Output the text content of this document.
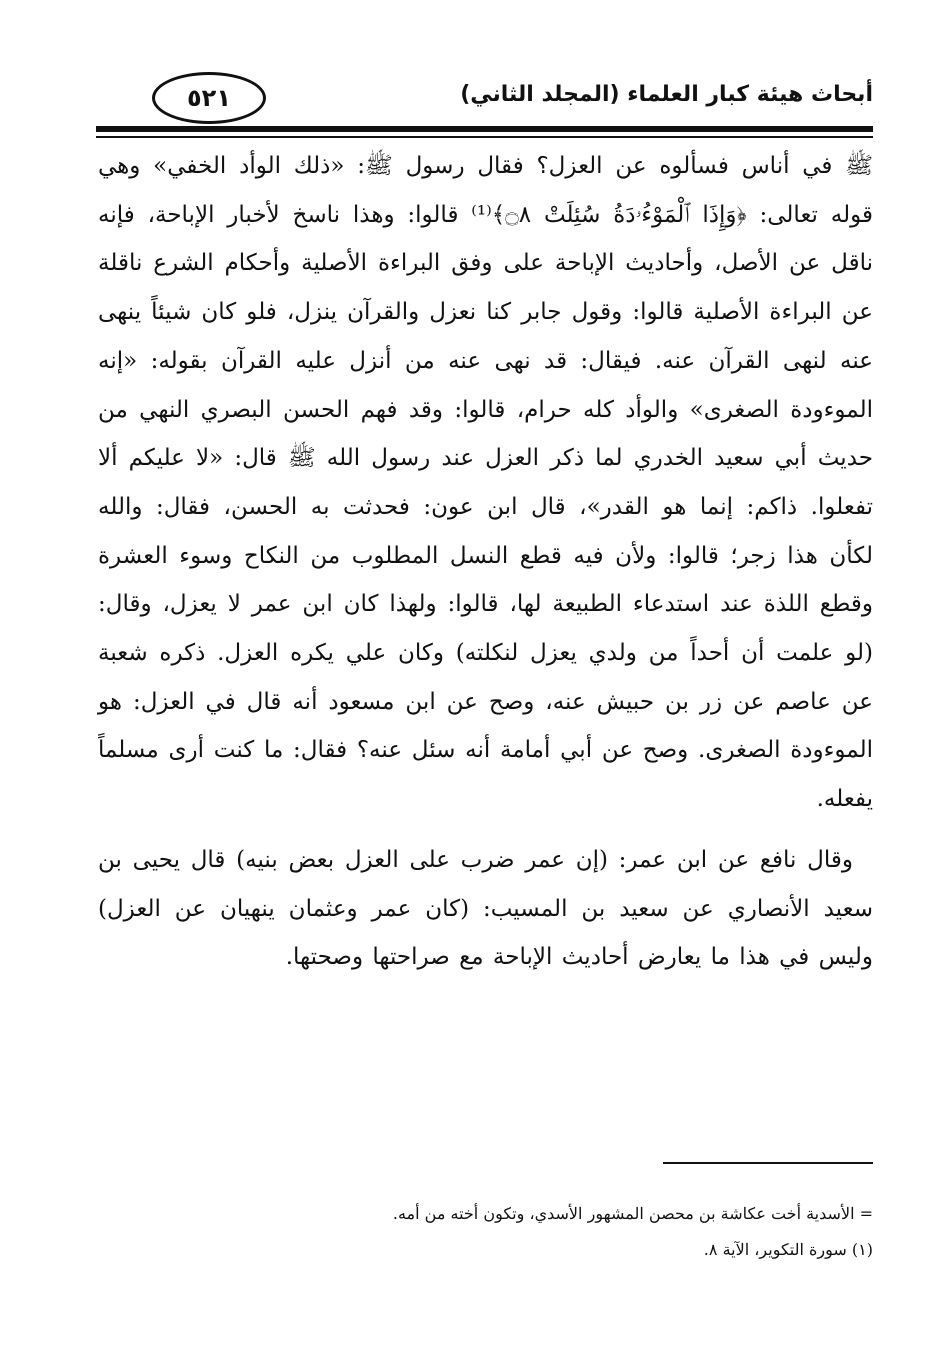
أبحاث هيئة كبار العلماء (المجلد الثاني)
٥٢١

ﷺ في أناس فسألوه عن العزل؟ فقال رسول ﷺ: «ذلك الوأد الخفي» وهي قوله تعالى: ﴿وَإِذَا ٱلْمَوْءُۥدَةُ سُئِلَتْ ۝٨﴾⁽¹⁾ قالوا: وهذا ناسخ لأخبار الإباحة، فإنه ناقل عن الأصل، وأحاديث الإباحة على وفق البراءة الأصلية وأحكام الشرع ناقلة عن البراءة الأصلية قالوا: وقول جابر كنا نعزل والقرآن ينزل، فلو كان شيئاً ينهى عنه لنهى القرآن عنه. فيقال: قد نهى عنه من أنزل عليه القرآن بقوله: «إنه الموءودة الصغرى» والوأد كله حرام، قالوا: وقد فهم الحسن البصري النهي من حديث أبي سعيد الخدري لما ذكر العزل عند رسول الله ﷺ قال: «لا عليكم ألا تفعلوا. ذاكم: إنما هو القدر»، قال ابن عون: فحدثت به الحسن، فقال: والله لكأن هذا زجر؛ قالوا: ولأن فيه قطع النسل المطلوب من النكاح وسوء العشرة وقطع اللذة عند استدعاء الطبيعة لها، قالوا: ولهذا كان ابن عمر لا يعزل، وقال: (لو علمت أن أحداً من ولدي يعزل لنكلته) وكان علي يكره العزل. ذكره شعبة عن عاصم عن زر بن حبيش عنه، وصح عن ابن مسعود أنه قال في العزل: هو الموءودة الصغرى. وصح عن أبي أمامة أنه سئل عنه؟ فقال: ما كنت أرى مسلماً يفعله.

وقال نافع عن ابن عمر: (إن عمر ضرب على العزل بعض بنيه) قال يحيى بن سعيد الأنصاري عن سعيد بن المسيب: (كان عمر وعثمان ينهيان عن العزل) وليس في هذا ما يعارض أحاديث الإباحة مع صراحتها وصحتها.

= الأسدية أخت عكاشة بن محصن المشهور الأسدي، وتكون أخته من أمه.
(١) سورة التكوير، الآية ٨.
